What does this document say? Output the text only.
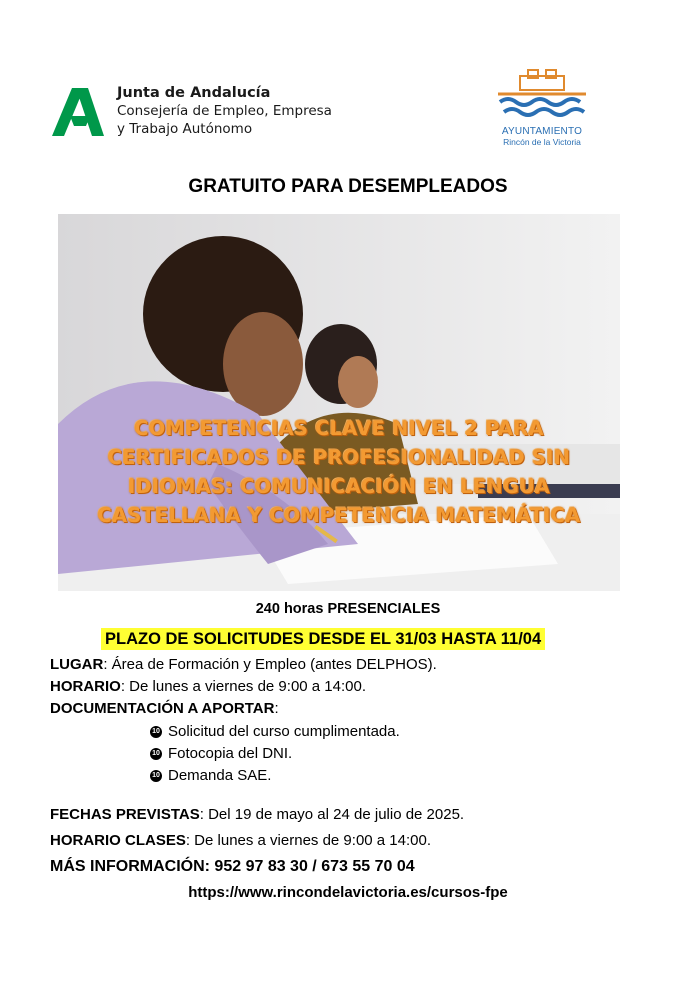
Junta de Andalucía
Consejería de Empleo, Empresa
y Trabajo Autónomo	AYUNTAMIENTO
Rincón de la Victoria
GRATUITO PARA DESEMPLEADOS
COMPETENCIAS CLAVE NIVEL 2 PARA
CERTIFICADOS DE PROFESIONALIDAD SIN
IDIOMAS: COMUNICACIÓN EN LENGUA
CASTELLANA Y COMPETENCIA MATEMÁTICA
240 horas PRESENCIALES
PLAZO DE SOLICITUDES DESDE EL 31/03 HASTA 11/04
LUGAR: Área de Formación y Empleo (antes DELPHOS).
HORARIO: De lunes a viernes de 9:00 a 14:00.
DOCUMENTACIÓN A APORTAR:
10 Solicitud del curso cumplimentada.
10 Fotocopia del DNI.
10 Demanda SAE.
FECHAS PREVISTAS: Del 19 de mayo al 24 de julio de 2025.
HORARIO CLASES: De lunes a viernes de 9:00 a 14:00.
MÁS INFORMACIÓN: 952 97 83 30 / 673 55 70 04
https://www.rincondelavictoria.es/cursos-fpe
